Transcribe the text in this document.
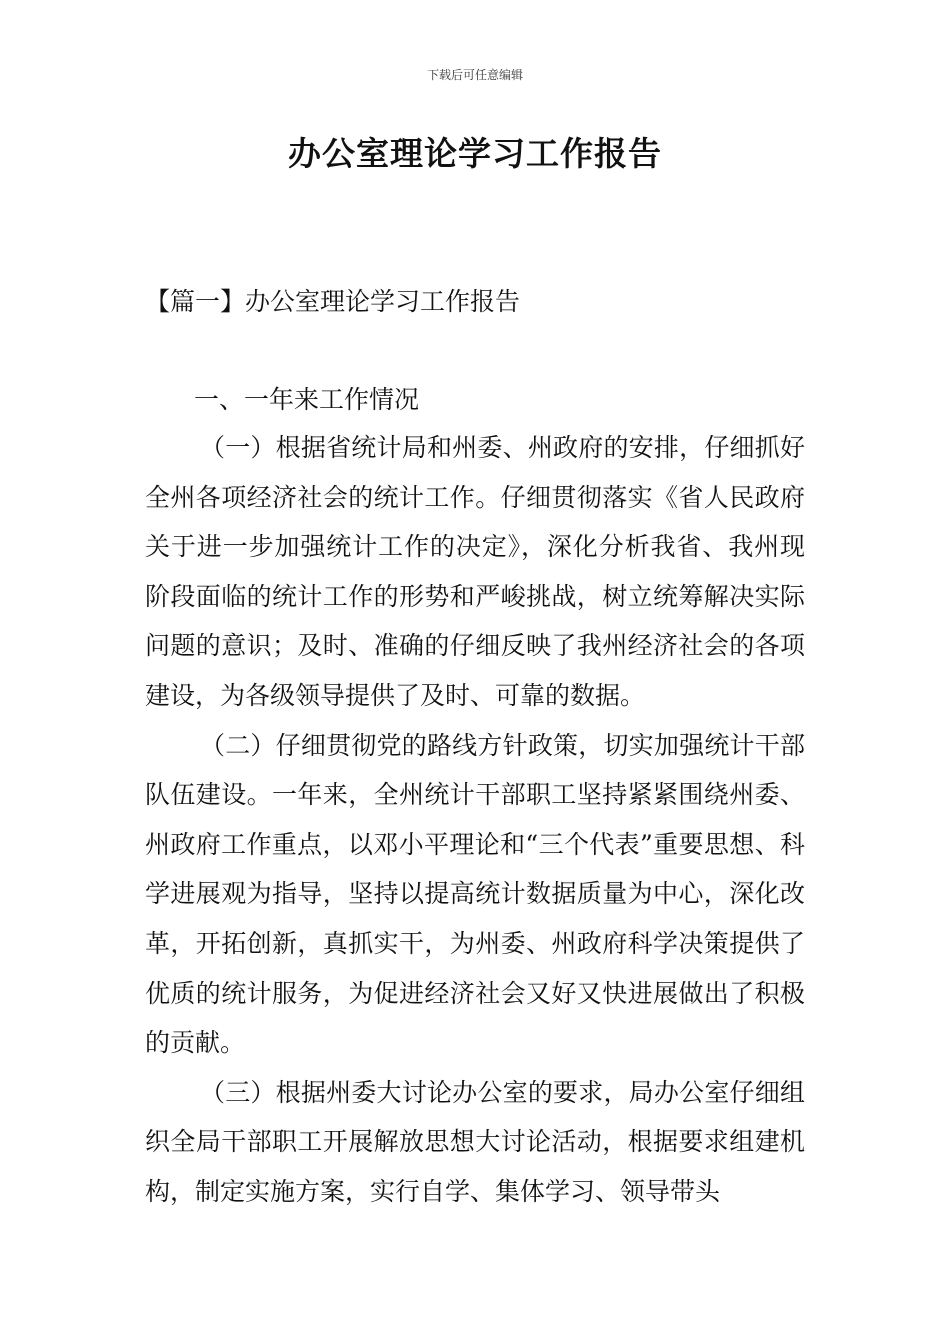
下载后可任意编辑
办公室理论学习工作报告
【篇一】办公室理论学习工作报告
一、一年来工作情况

（一）根据省统计局和州委、州政府的安排，仔细抓好全州各项经济社会的统计工作。仔细贯彻落实《省人民政府关于进一步加强统计工作的决定》，深化分析我省、我州现阶段面临的统计工作的形势和严峻挑战，树立统筹解决实际问题的意识；及时、准确的仔细反映了我州经济社会的各项建设，为各级领导提供了及时、可靠的数据。

（二）仔细贯彻党的路线方针政策，切实加强统计干部队伍建设。一年来，全州统计干部职工坚持紧紧围绕州委、州政府工作重点，以邓小平理论和“三个代表”重要思想、科学进展观为指导，坚持以提高统计数据质量为中心，深化改革，开拓创新，真抓实干，为州委、州政府科学决策提供了优质的统计服务，为促进经济社会又好又快进展做出了积极的贡献。

（三）根据州委大讨论办公室的要求，局办公室仔细组织全局干部职工开展解放思想大讨论活动，根据要求组建机构，制定实施方案，实行自学、集体学习、领导带头
